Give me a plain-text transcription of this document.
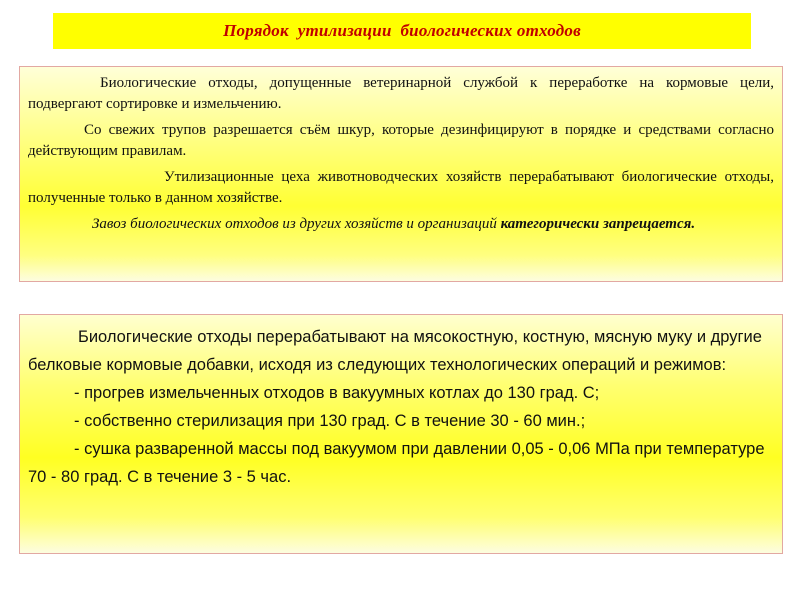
Порядок  утилизации  биологических отходов

Биологические отходы, допущенные ветеринарной службой к переработке на кормовые цели, подвергают сортировке и измельчению.

Со свежих трупов разрешается съём шкур, которые дезинфицируют в порядке и средствами согласно действующим правилам.

Утилизационные цеха животноводческих хозяйств перерабатывают биологические отходы, полученные только в данном хозяйстве.

Завоз биологических отходов из других хозяйств и организаций категорически запрещается.

Биологические отходы перерабатывают на мясокостную, костную, мясную муку и другие белковые кормовые добавки, исходя из следующих технологических операций и режимов:

- прогрев измельченных отходов в вакуумных котлах до 130 град. С;

- собственно стерилизация при 130 град. С в течение 30 - 60 мин.;

- сушка разваренной массы под вакуумом при давлении 0,05 - 0,06 МПа при температуре 70 - 80 град. С в течение 3 - 5 час.
